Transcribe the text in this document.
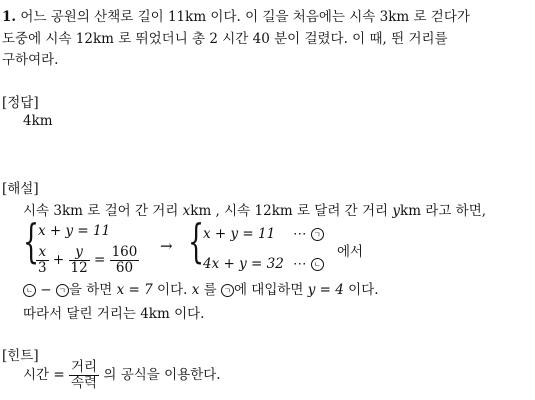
1. 어느 공원의 산책로 길이 11km 이다. 이 길을 처음에는 시속 3km 로 걷다가
도중에 시속 12km 로 뛰었더니 총 2 시간 40 분이 걸렸다. 이 때, 뛴 거리를
구하여라.
[정답]
4km
[해설]
시속 3km 로 걸어 간 거리 xkm , 시속 12km 로 달려 간 거리 ykm 라고 하면,
{
x + y = 11
$\frac{x}{3} + \frac{y}{12} = \frac{160}{60}$ → {
x + y = 11 ⋯ ㄱ
4x + y = 32 ⋯ ㄴ
에서
ㄴ − ㄱ 을 하면 x = 7 이다. x 를 ㄱ 에 대입하면 y = 4 이다.
따라서 달린 거리는 4km 이다.
[힌트]
시간 = $\frac{\text{거리}}{\text{속력}}$ 의 공식을 이용한다.
